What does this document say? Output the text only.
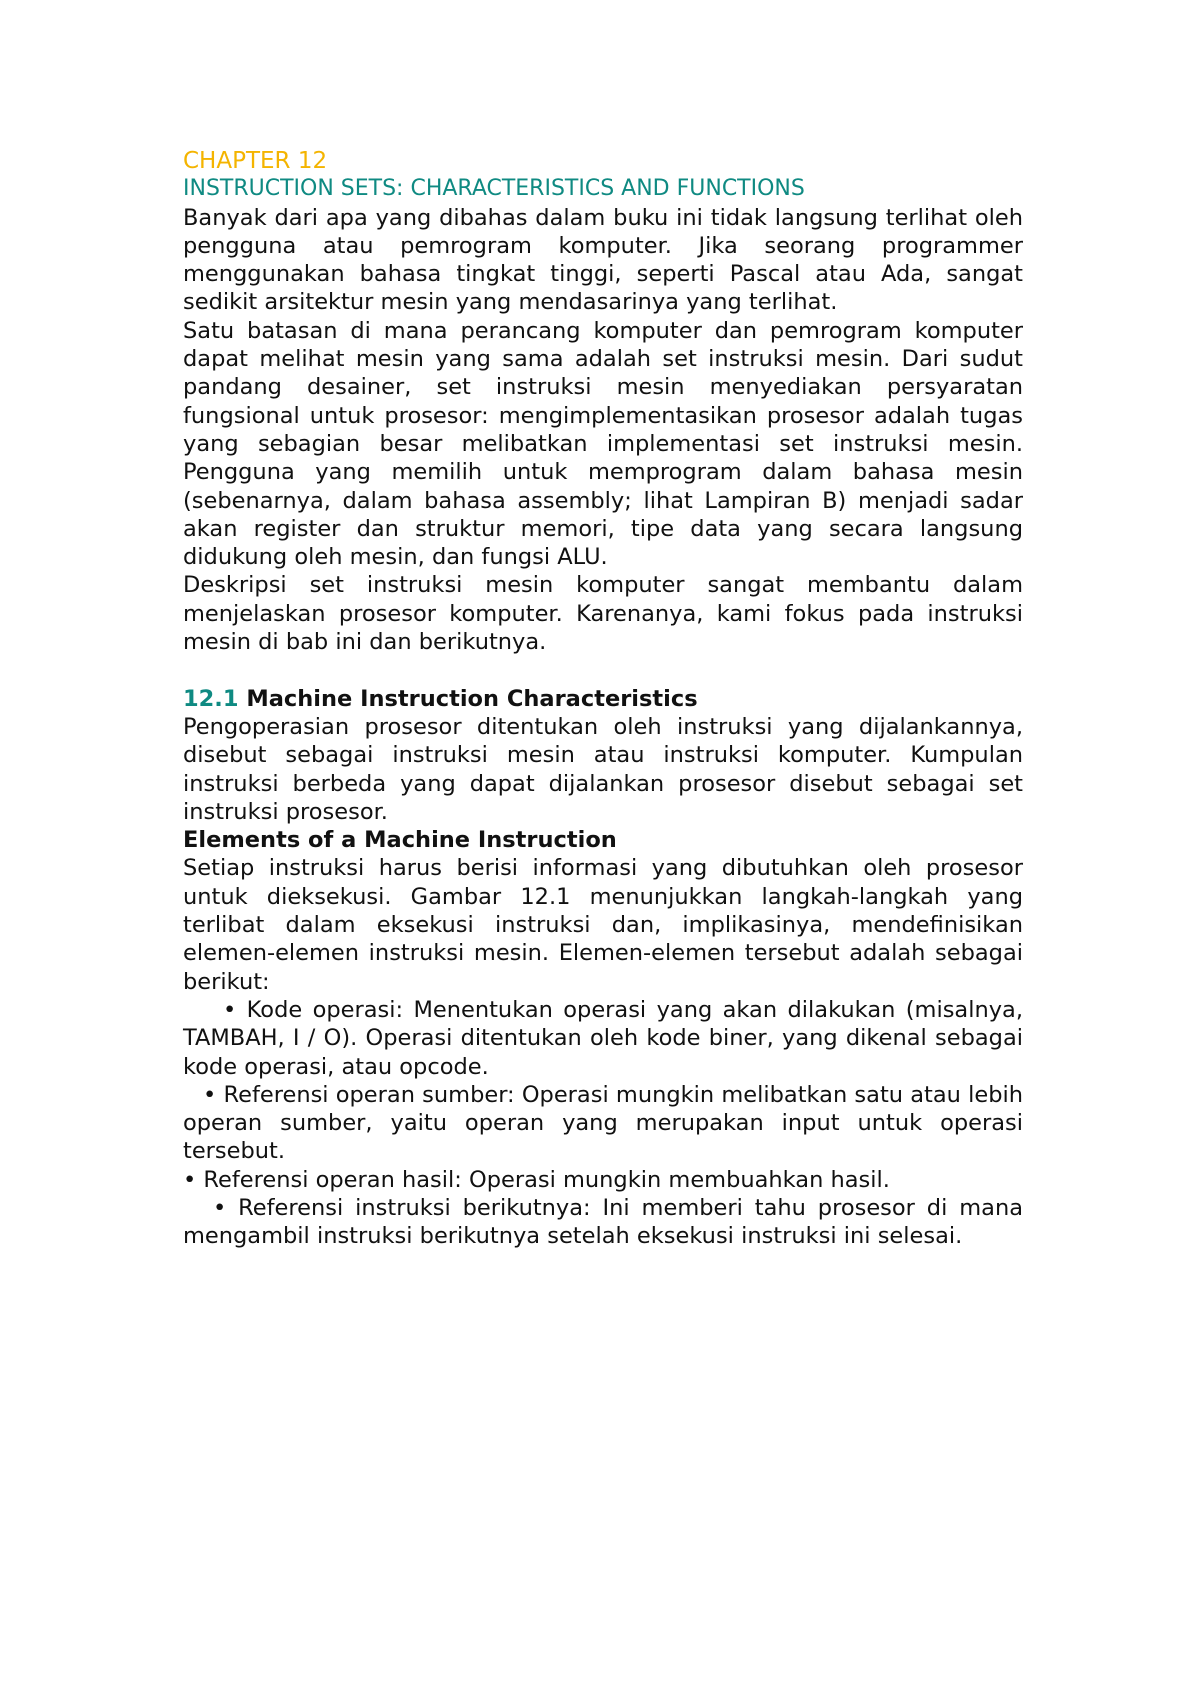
CHAPTER 12
INSTRUCTION SETS: CHARACTERISTICS AND FUNCTIONS

Banyak dari apa yang dibahas dalam buku ini tidak langsung terlihat oleh pengguna atau pemrogram komputer. Jika seorang programmer menggunakan bahasa tingkat tinggi, seperti Pascal atau Ada, sangat sedikit arsitektur mesin yang mendasarinya yang terlihat.

Satu batasan di mana perancang komputer dan pemrogram komputer dapat melihat mesin yang sama adalah set instruksi mesin. Dari sudut pandang desainer, set instruksi mesin menyediakan persyaratan fungsional untuk prosesor: mengimplementasikan prosesor adalah tugas yang sebagian besar melibatkan implementasi set instruksi mesin. Pengguna yang memilih untuk memprogram dalam bahasa mesin (sebenarnya, dalam bahasa assembly; lihat Lampiran B) menjadi sadar akan register dan struktur memori, tipe data yang secara langsung didukung oleh mesin, dan fungsi ALU.

Deskripsi set instruksi mesin komputer sangat membantu dalam menjelaskan prosesor komputer. Karenanya, kami fokus pada instruksi mesin di bab ini dan berikutnya.

12.1 Machine Instruction Characteristics

Pengoperasian prosesor ditentukan oleh instruksi yang dijalankannya, disebut sebagai instruksi mesin atau instruksi komputer. Kumpulan instruksi berbeda yang dapat dijalankan prosesor disebut sebagai set instruksi prosesor.

Elements of a Machine Instruction

Setiap instruksi harus berisi informasi yang dibutuhkan oleh prosesor untuk dieksekusi. Gambar 12.1 menunjukkan langkah-langkah yang terlibat dalam eksekusi instruksi dan, implikasinya, mendefinisikan elemen-elemen instruksi mesin. Elemen-elemen tersebut adalah sebagai berikut:

• Kode operasi: Menentukan operasi yang akan dilakukan (misalnya, TAMBAH, I / O). Operasi ditentukan oleh kode biner, yang dikenal sebagai kode operasi, atau opcode.

• Referensi operan sumber: Operasi mungkin melibatkan satu atau lebih operan sumber, yaitu operan yang merupakan input untuk operasi tersebut.

• Referensi operan hasil: Operasi mungkin membuahkan hasil.

• Referensi instruksi berikutnya: Ini memberi tahu prosesor di mana mengambil instruksi berikutnya setelah eksekusi instruksi ini selesai.
